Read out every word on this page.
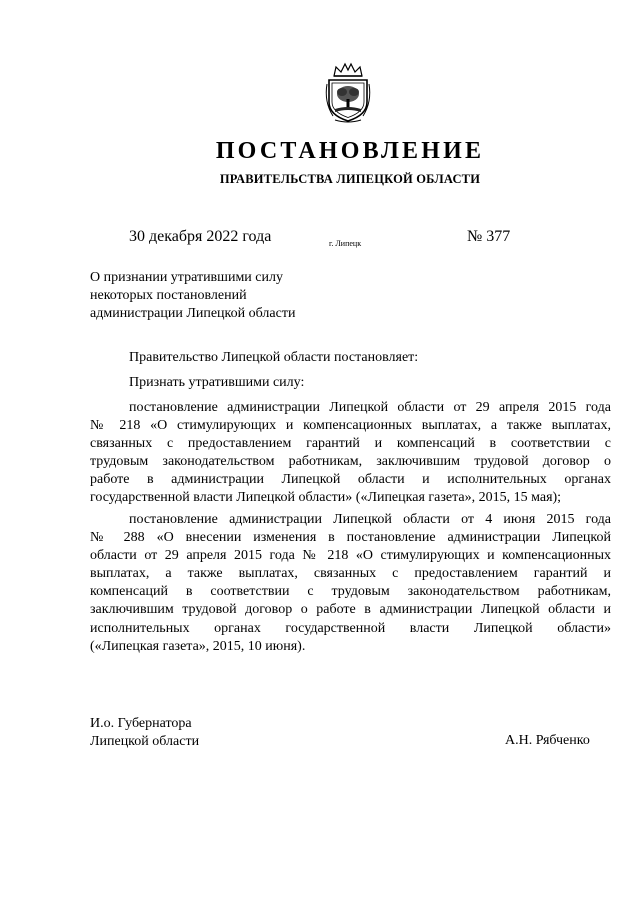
ПОСТАНОВЛЕНИЕ
ПРАВИТЕЛЬСТВА ЛИПЕЦКОЙ ОБЛАСТИ
30 декабря 2022 года	г. Липецк	№ 377
О признании утратившими силу
некоторых постановлений
администрации Липецкой области
Правительство Липецкой области постановляет:
Признать утратившими силу:
постановление администрации Липецкой области от 29 апреля 2015 года
№ 218 «О стимулирующих и компенсационных выплатах, а также выплатах,
связанных с предоставлением гарантий и компенсаций в соответствии с
трудовым законодательством работникам, заключившим трудовой договор о
работе в администрации Липецкой области и исполнительных органах
государственной власти Липецкой области» («Липецкая газета», 2015, 15 мая);
постановление администрации Липецкой области от 4 июня 2015 года
№ 288 «О внесении изменения в постановление администрации Липецкой
области от 29 апреля 2015 года № 218 «О стимулирующих и компенсационных
выплатах, а также выплатах, связанных с предоставлением гарантий и
компенсаций в соответствии с трудовым законодательством работникам,
заключившим трудовой договор о работе в администрации Липецкой области и
исполнительных органах государственной власти Липецкой области»
(«Липецкая газета», 2015, 10 июня).
И.о. Губернатора
Липецкой области	А.Н. Рябченко
